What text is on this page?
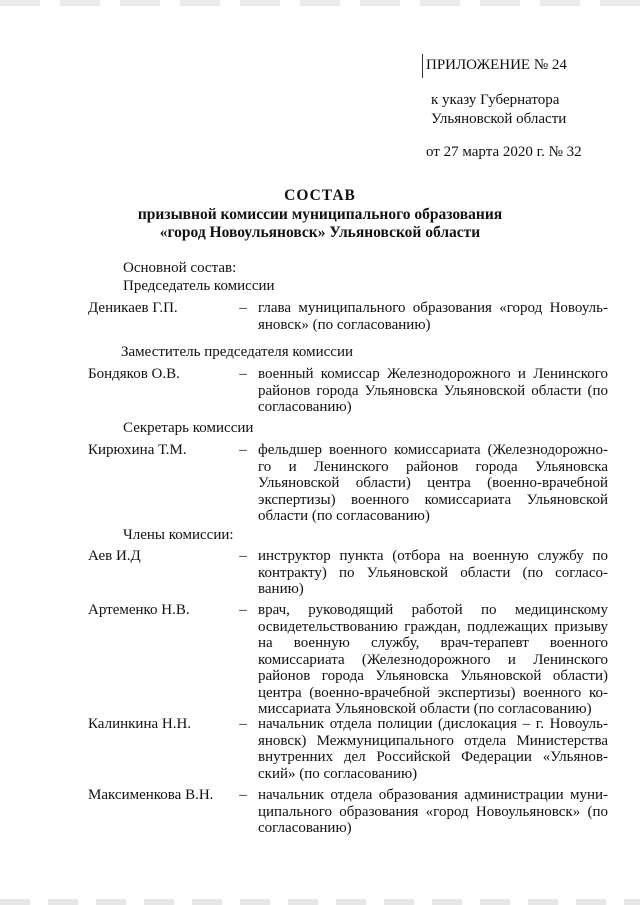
ПРИЛОЖЕНИЕ № 24
к указу Губернатора
Ульяновской области
от 27 марта 2020 г. № 32
СОСТАВ
призывной комиссии муниципального образования
«город Новоульяновск» Ульяновской области
Основной состав:
Председатель комиссии
Деникаев Г.П.	– глава муниципального образования «город Новоуль-яновск» (по согласованию)
Заместитель председателя комиссии
Бондяков О.В.	– военный комиссар Железнодорожного и Ленинского районов города Ульяновска Ульяновской области (по согласованию)
Секретарь комиссии
Кирюхина Т.М.	– фельдшер военного комиссариата (Железнодорожно-го и Ленинского районов города Ульяновска Ульяновской области) центра (военно-врачебной экспертизы) военного комиссариата Ульяновской области (по согласованию)
Члены комиссии:
Аев И.Д	– инструктор пункта (отбора на военную службу по контракту) по Ульяновской области (по согласо-ванию)
Артеменко Н.В.	– врач, руководящий работой по медицинскому освидетельствованию граждан, подлежащих призыву на военную службу, врач-терапевт военного комиссариата (Железнодорожного и Ленинского районов города Ульяновска Ульяновской области) центра (военно-врачебной экспертизы) военного ко-миссариата Ульяновской области (по согласованию)
Калинкина Н.Н.	– начальник отдела полиции (дислокация – г. Новоуль-яновск) Межмуниципального отдела Министерства внутренних дел Российской Федерации «Ульянов-ский» (по согласованию)
Максименкова В.Н.	– начальник отдела образования администрации муни-ципального образования «город Новоульяновск» (по согласованию)
